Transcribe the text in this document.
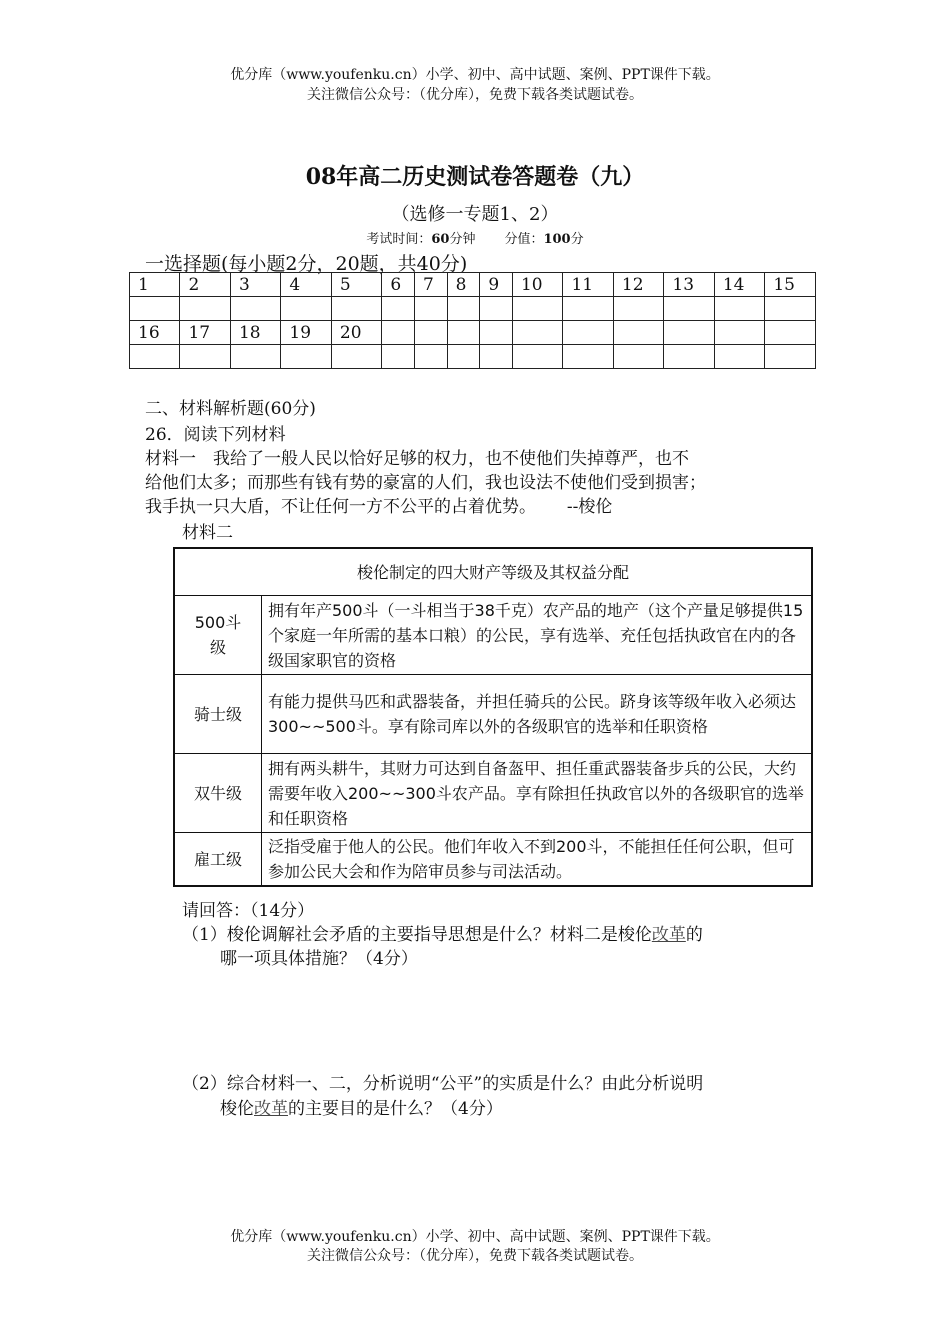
优分库（www.youfenku.cn）小学、初中、高中试题、案例、PPT课件下载。
关注微信公众号：（优分库），免费下载各类试题试卷。
08年高二历史测试卷答题卷（九）
（选修一专题1、2）
考试时间：60分钟 分值：100分
一选择题(每小题2分，20题，共40分)
1	2	3	4	5	6	7	8	9	10	11	12	13	14	15

16	17	18	19	20										

二、材料解析题(60分)
26．阅读下列材料
材料一　我给了一般人民以恰好足够的权力，也不使他们失掉尊严，也不
给他们太多；而那些有钱有势的豪富的人们，我也设法不使他们受到损害；
我手执一只大盾，不让任何一方不公平的占着优势。　　 --梭伦
材料二
梭伦制定的四大财产等级及其权益分配	
500斗级	拥有年产500斗（一斗相当于38千克）农产品的地产（这个产量足够提供15个家庭一年所需的基本口粮）的公民，享有选举、充任包括执政官在内的各级国家职官的资格
骑士级	有能力提供马匹和武器装备，并担任骑兵的公民。跻身该等级年收入必须达300~~500斗。享有除司库以外的各级职官的选举和任职资格
双牛级	拥有两头耕牛，其财力可达到自备盔甲、担任重武器装备步兵的公民，大约需要年收入200~~300斗农产品。享有除担任执政官以外的各级职官的选举和任职资格
雇工级	泛指受雇于他人的公民。他们年收入不到200斗，不能担任任何公职，但可参加公民大会和作为陪审员参与司法活动。
请回答：（14分）
（1）梭伦调解社会矛盾的主要指导思想是什么？材料二是梭伦改革的
哪一项具体措施？（4分）
（2）综合材料一、二，分析说明“公平”的实质是什么？由此分析说明
梭伦改革的主要目的是什么？（4分）
优分库（www.youfenku.cn）小学、初中、高中试题、案例、PPT课件下载。
关注微信公众号：（优分库），免费下载各类试题试卷。
